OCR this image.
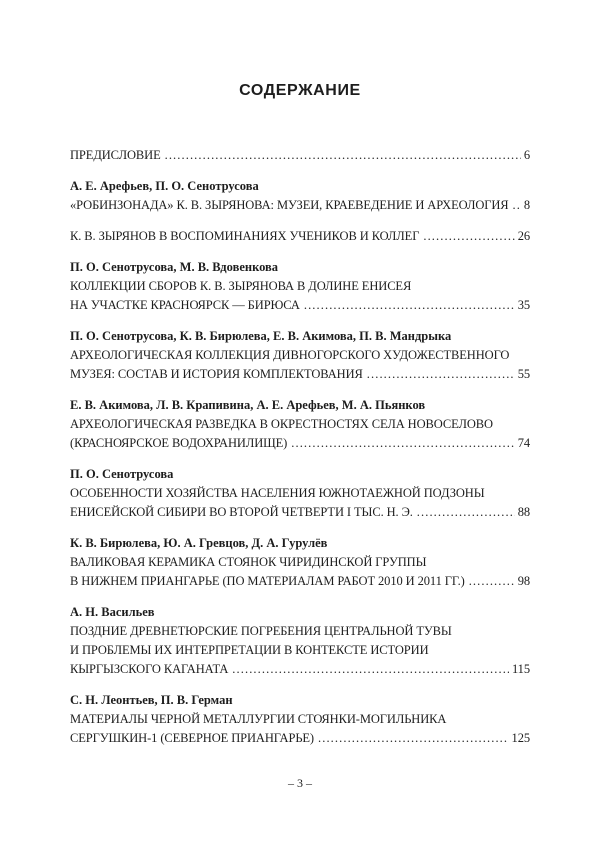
СОДЕРЖАНИЕ
ПРЕДИСЛОВИЕ .....	6
А. Е. Арефьев, П. О. Сенотрусова
«РОБИНЗОНАДА» К. В. ЗЫРЯНОВА: МУЗЕИ, КРАЕВЕДЕНИЕ И АРХЕОЛОГИЯ ..... 8
К. В. ЗЫРЯНОВ В ВОСПОМИНАНИЯХ УЧЕНИКОВ И КОЛЛЕГ .....	26
П. О. Сенотрусова, М. В. Вдовенкова
КОЛЛЕКЦИИ СБОРОВ К. В. ЗЫРЯНОВА В ДОЛИНЕ ЕНИСЕЯ
НА УЧАСТКЕ КРАСНОЯРСК — БИРЮСА .....	35
П. О. Сенотрусова, К. В. Бирюлева, Е. В. Акимова, П. В. Мандрыка
АРХЕОЛОГИЧЕСКАЯ КОЛЛЕКЦИЯ ДИВНОГОРСКОГО ХУДОЖЕСТВЕННОГО
МУЗЕЯ: СОСТАВ И ИСТОРИЯ КОМПЛЕКТОВАНИЯ .....	55
Е. В. Акимова, Л. В. Крапивина, А. Е. Арефьев, М. А. Пьянков
АРХЕОЛОГИЧЕСКАЯ РАЗВЕДКА В ОКРЕСТНОСТЯХ СЕЛА НОВОСЕЛОВО
(КРАСНОЯРСКОЕ ВОДОХРАНИЛИЩЕ) .....	74
П. О. Сенотрусова
ОСОБЕННОСТИ ХОЗЯЙСТВА НАСЕЛЕНИЯ ЮЖНОТАЕЖНОЙ ПОДЗОНЫ
ЕНИСЕЙСКОЙ СИБИРИ ВО ВТОРОЙ ЧЕТВЕРТИ I ТЫС. Н. Э. .....	88
К. В. Бирюлева, Ю. А. Гревцов, Д. А. Гурулёв
ВАЛИКОВАЯ КЕРАМИКА СТОЯНОК ЧИРИДИНСКОЙ ГРУППЫ
В НИЖНЕМ ПРИАНГАРЬЕ (ПО МАТЕРИАЛАМ РАБОТ 2010 И 2011 ГГ.) .....	98
А. Н. Васильев
ПОЗДНИЕ ДРЕВНЕТЮРСКИЕ ПОГРЕБЕНИЯ ЦЕНТРАЛЬНОЙ ТУВЫ
И ПРОБЛЕМЫ ИХ ИНТЕРПРЕТАЦИИ В КОНТЕКСТЕ ИСТОРИИ
КЫРГЫЗСКОГО КАГАНАТА .....	115
С. Н. Леонтьев, П. В. Герман
МАТЕРИАЛЫ ЧЕРНОЙ МЕТАЛЛУРГИИ СТОЯНКИ-МОГИЛЬНИКА
СЕРГУШКИН-1 (СЕВЕРНОЕ ПРИАНГАРЬЕ) .....	125
– 3 –
